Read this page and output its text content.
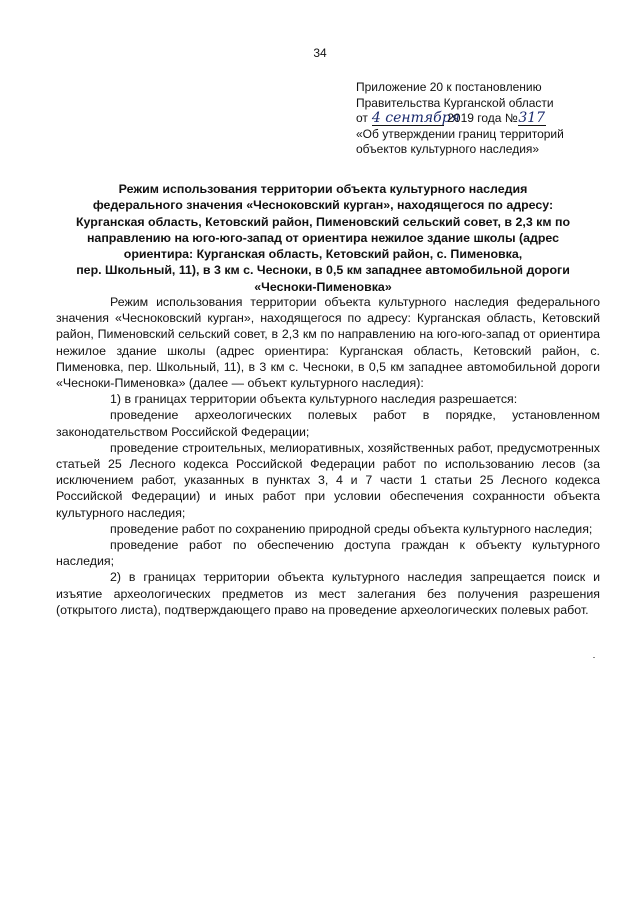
34
Приложение 20 к постановлению
Правительства Курганской области
от 4 сентября 2019 года №317
«Об утверждении границ территорий
объектов культурного наследия»
Режим использования территории объекта культурного наследия
федерального значения «Чесноковский курган», находящегося по адресу:
Курганская область, Кетовский район, Пименовский сельский совет, в 2,3 км по
направлению на юго-юго-запад от ориентира нежилое здание школы (адрес
ориентира: Курганская область, Кетовский район, с. Пименовка,
пер. Школьный, 11), в 3 км с. Чесноки, в 0,5 км западнее автомобильной дороги
«Чесноки-Пименовка»

Режим использования территории объекта культурного наследия федерального значения «Чесноковский курган», находящегося по адресу: Курганская область, Кетовский район, Пименовский сельский совет, в 2,3 км по направлению на юго-юго-запад от ориентира нежилое здание школы (адрес ориентира: Курганская область, Кетовский район, с. Пименовка, пер. Школьный, 11), в 3 км с. Чесноки, в 0,5 км западнее автомобильной дороги «Чесноки-Пименовка» (далее — объект культурного наследия):

1) в границах территории объекта культурного наследия разрешается:

проведение археологических полевых работ в порядке, установленном законодательством Российской Федерации;

проведение строительных, мелиоративных, хозяйственных работ, предусмотренных статьей 25 Лесного кодекса Российской Федерации работ по использованию лесов (за исключением работ, указанных в пунктах 3, 4 и 7 части 1 статьи 25 Лесного кодекса Российской Федерации) и иных работ при условии обеспечения сохранности объекта культурного наследия;

проведение работ по сохранению природной среды объекта культурного наследия;

проведение работ по обеспечению доступа граждан к объекту культурного наследия;

2) в границах территории объекта культурного наследия запрещается поиск и изъятие археологических предметов из мест залегания без получения разрешения (открытого листа), подтверждающего право на проведение археологических полевых работ.
